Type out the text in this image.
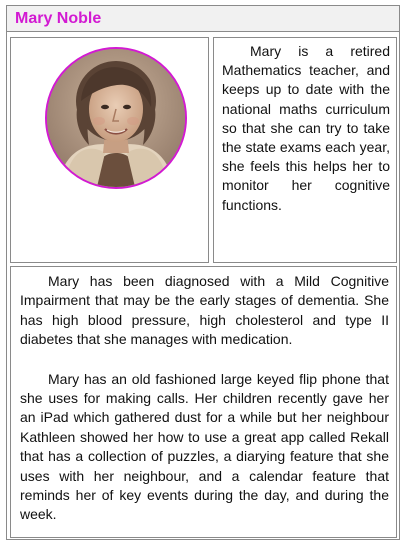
Mary Noble

Mary is a retired Mathematics teacher, and keeps up to date with the national maths curriculum so that she can try to take the state exams each year, she feels this helps her to monitor her cognitive functions.

Mary has been diagnosed with a Mild Cognitive Impairment that may be the early stages of dementia. She has high blood pressure, high cholesterol and type II diabetes that she manages with medication.

Mary has an old fashioned large keyed flip phone that she uses for making calls. Her children recently gave her an iPad which gathered dust for a while but her neighbour Kathleen showed her how to use a great app called Rekall that has a collection of puzzles, a diarying feature that she uses with her neighbour, and a calendar feature that reminds her of key events during the day, and during the week.
